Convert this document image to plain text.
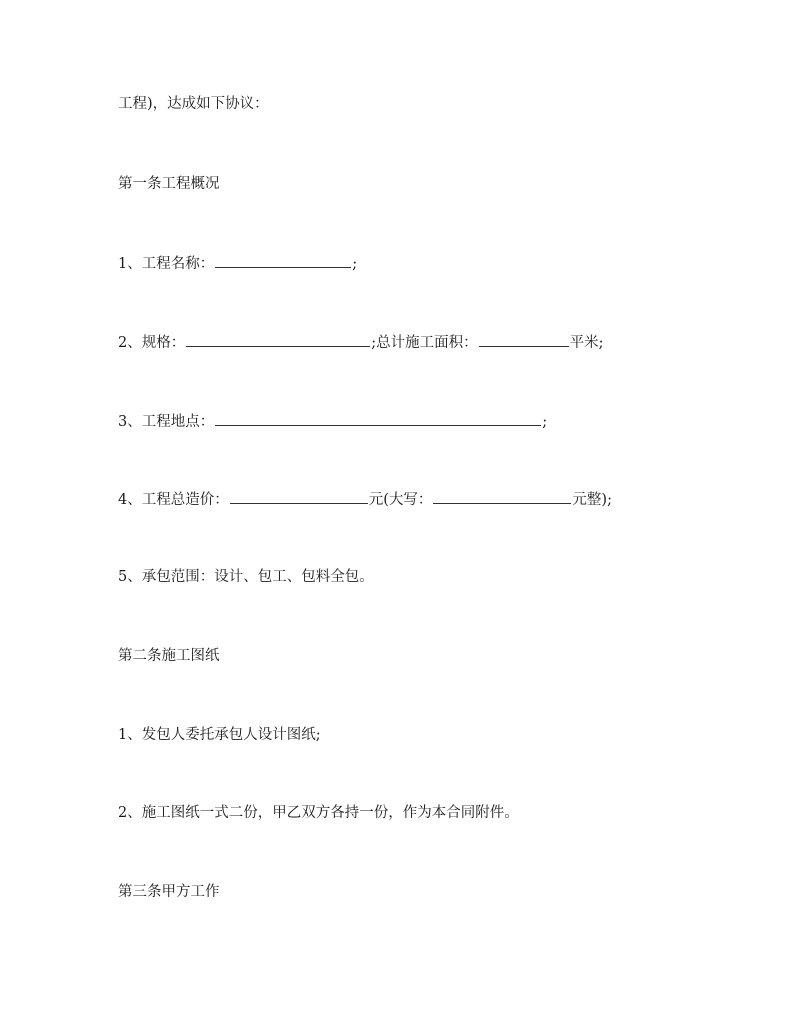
工程)，达成如下协议：
第一条工程概况
1、工程名称：	;
2、规格：	;总计施工面积：	平米;
3、工程地点：	;
4、工程总造价：	元(大写：	元整);
5、承包范围：设计、包工、包料全包。
第二条施工图纸
1、发包人委托承包人设计图纸;
2、施工图纸一式二份，甲乙双方各持一份，作为本合同附件。
第三条甲方工作
